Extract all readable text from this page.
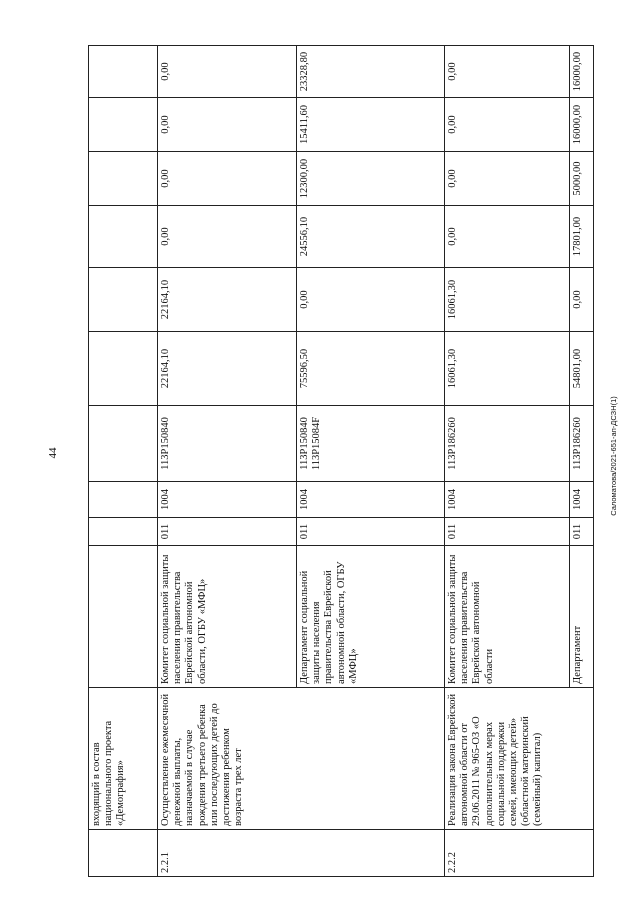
44	Саломатова/2021-651-ап-ДСЗН(1)
	входящий в состав национального проекта «Демография»										
2.2.1	Осуществление ежемесячной денежной выплаты, назначаемой в случае рождения третьего ребенка или последующих детей до достижения ребенком возраста трех лет	Комитет социальной защиты населения правительства Еврейской автономной области, ОГБУ «МФЦ»	011	1004	113P150840	22164,10	22164,10	0,00	0,00	0,00	0,00
		Департамент социальной защиты населения правительства Еврейской автономной области, ОГБУ «МФЦ»	011	1004	113P150840 113P15084F	75596,50	0,00	24556,10	12300,00	15411,60	23328,80
2.2.2	Реализация закона Еврейской автономной области от 29.06.2011 № 965-ОЗ «О дополнительных мерах социальной поддержки семей, имеющих детей» (областной материнский (семейный) капитал)	Комитет социальной защиты населения правительства Еврейской автономной области	011	1004	113P186260	16061,30	16061,30	0,00	0,00	0,00	0,00
		Департамент	011	1004	113P186260	54801,00	0,00	17801,00	5000,00	16000,00	16000,00
